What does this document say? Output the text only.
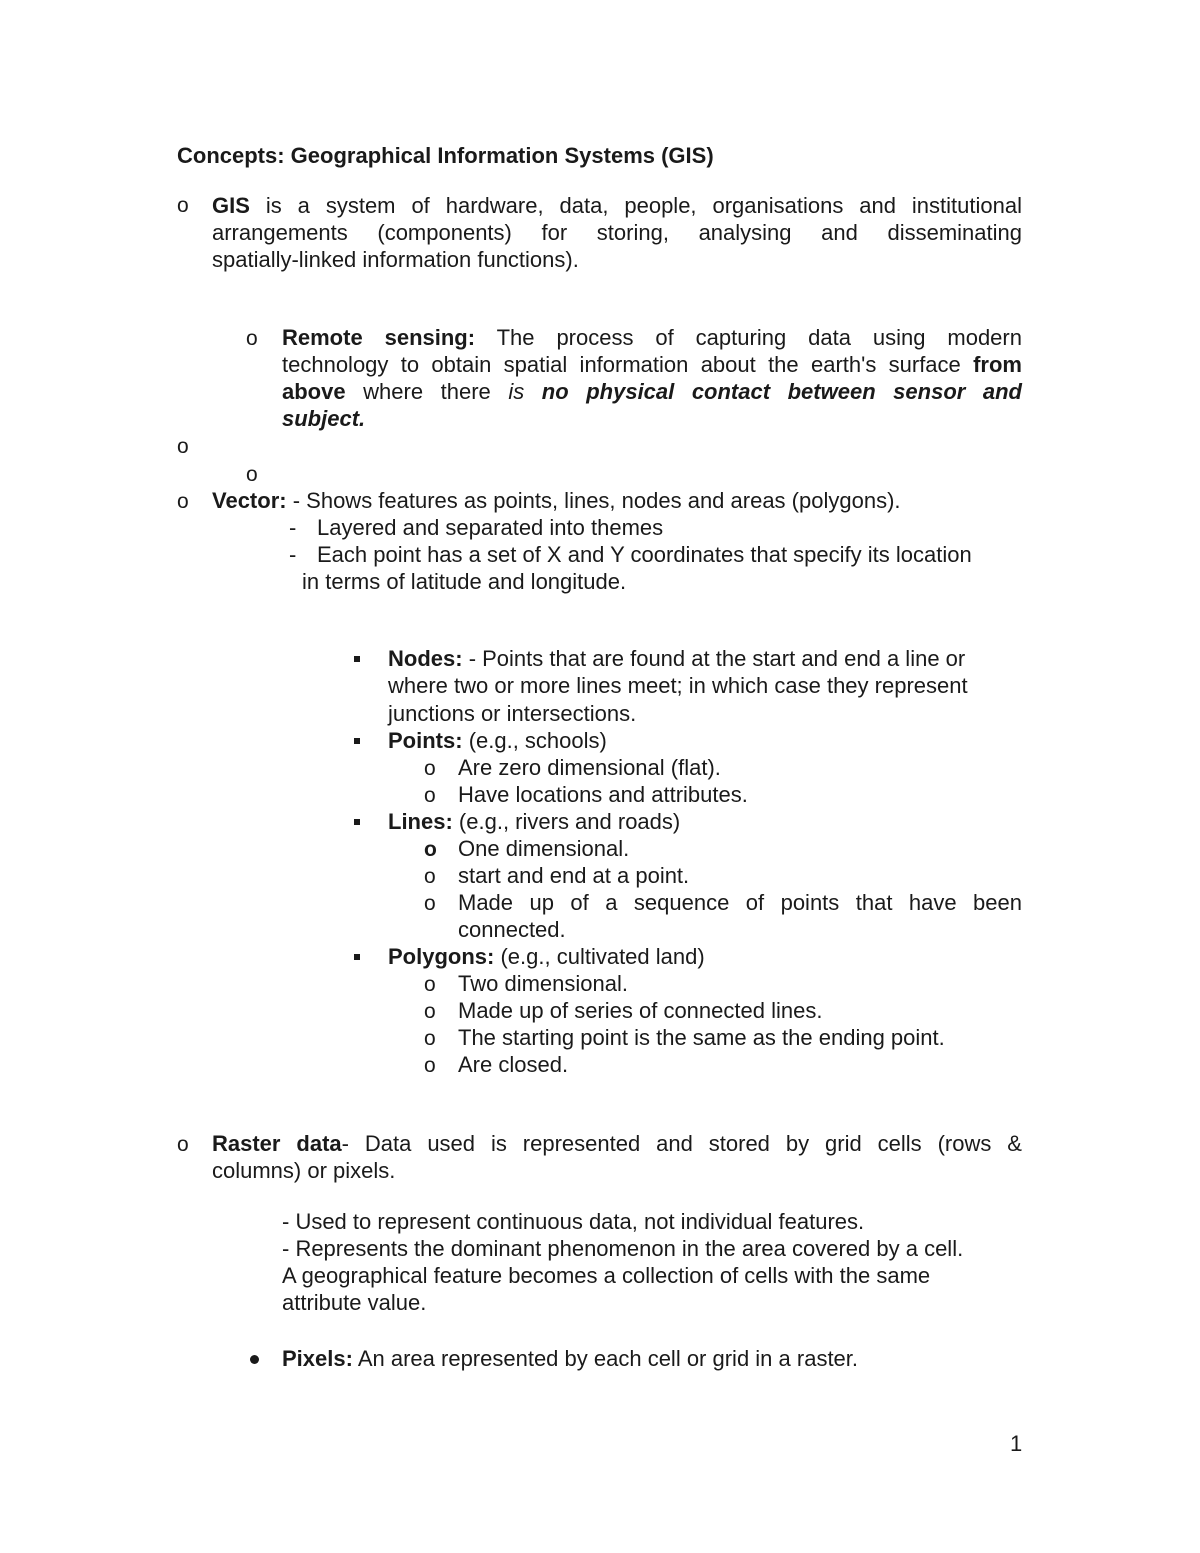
Concepts: Geographical Information Systems (GIS)
o GIS is a system of hardware, data, people, organisations and institutional
arrangements (components) for storing, analysing and disseminating
spatially-linked information functions).
o Remote sensing: The process of capturing data using modern
technology to obtain spatial information about the earth's surface from
above where there is no physical contact between sensor and
subject.
o
o
o Vector: - Shows features as points, lines, nodes and areas (polygons).
- Layered and separated into themes
- Each point has a set of X and Y coordinates that specify its location
in terms of latitude and longitude.
Nodes: - Points that are found at the start and end a line or
where two or more lines meet; in which case they represent
junctions or intersections.
Points: (e.g., schools)
o Are zero dimensional (flat).
o Have locations and attributes.
Lines: (e.g., rivers and roads)
o One dimensional.
o start and end at a point.
o Made up of a sequence of points that have been
connected.
Polygons: (e.g., cultivated land)
o Two dimensional.
o Made up of series of connected lines.
o The starting point is the same as the ending point.
o Are closed.
o Raster data- Data used is represented and stored by grid cells (rows &
columns) or pixels.
- Used to represent continuous data, not individual features.
- Represents the dominant phenomenon in the area covered by a cell.
A geographical feature becomes a collection of cells with the same
attribute value.
Pixels: An area represented by each cell or grid in a raster.
1
